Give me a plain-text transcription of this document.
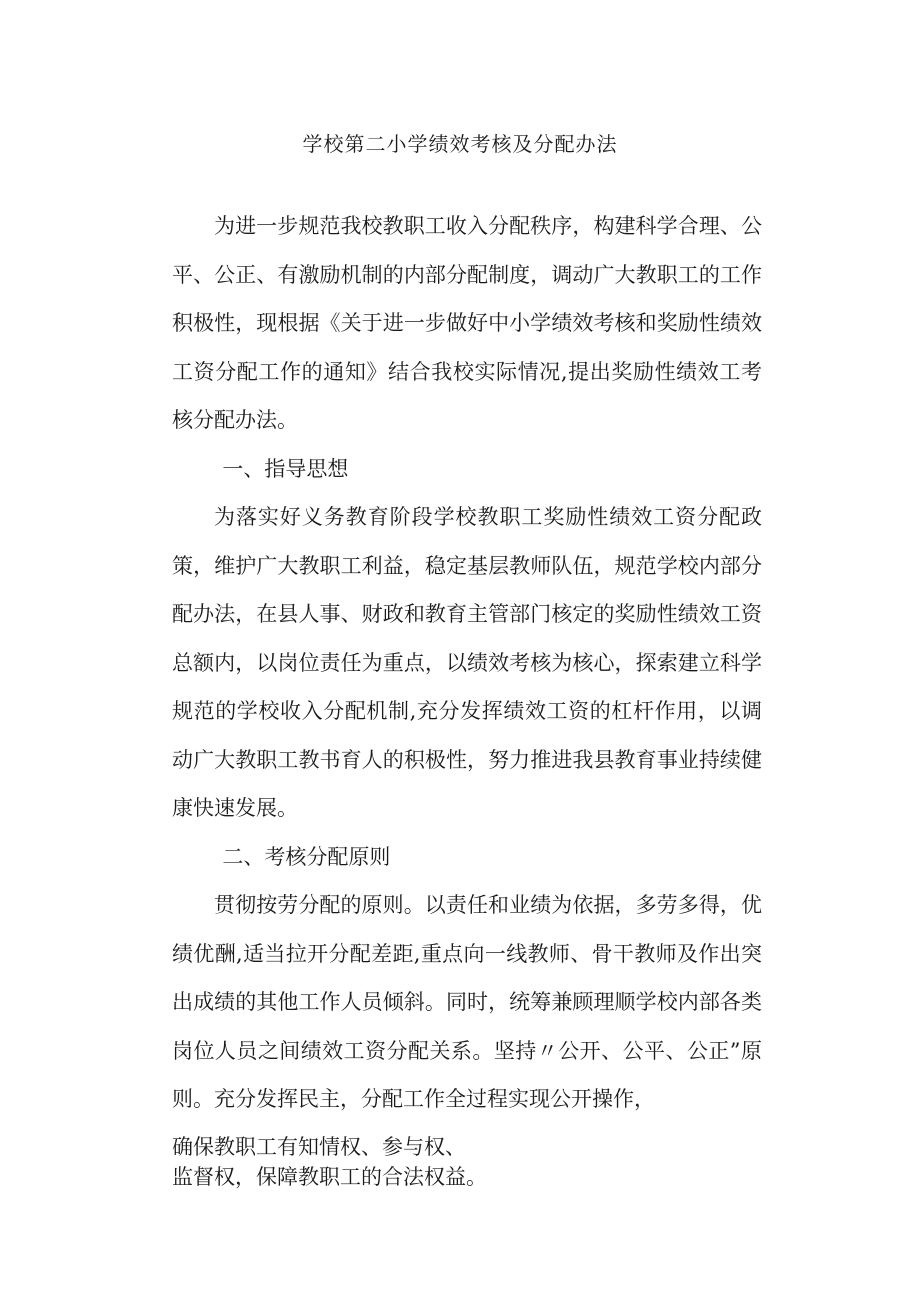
学校第二小学绩效考核及分配办法

为进一步规范我校教职工收入分配秩序，构建科学合理、公平、公正、有激励机制的内部分配制度，调动广大教职工的工作积极性，现根据《关于进一步做好中小学绩效考核和奖励性绩效工资分配工作的通知》结合我校实际情况,提出奖励性绩效工考核分配办法。

一、指导思想

为落实好义务教育阶段学校教职工奖励性绩效工资分配政策，维护广大教职工利益，稳定基层教师队伍，规范学校内部分配办法，在县人事、财政和教育主管部门核定的奖励性绩效工资总额内，以岗位责任为重点，以绩效考核为核心，探索建立科学规范的学校收入分配机制,充分发挥绩效工资的杠杆作用，以调动广大教职工教书育人的积极性，努力推进我县教育事业持续健康快速发展。

二、考核分配原则

贯彻按劳分配的原则。以责任和业绩为依据，多劳多得，优绩优酬,适当拉开分配差距,重点向一线教师、骨干教师及作出突出成绩的其他工作人员倾斜。同时，统筹兼顾理顺学校内部各类岗位人员之间绩效工资分配关系。坚持〃公开、公平、公正”原则。充分发挥民主，分配工作全过程实现公开操作，

确保教职工有知情权、参与权、

监督权，保障教职工的合法权益。
